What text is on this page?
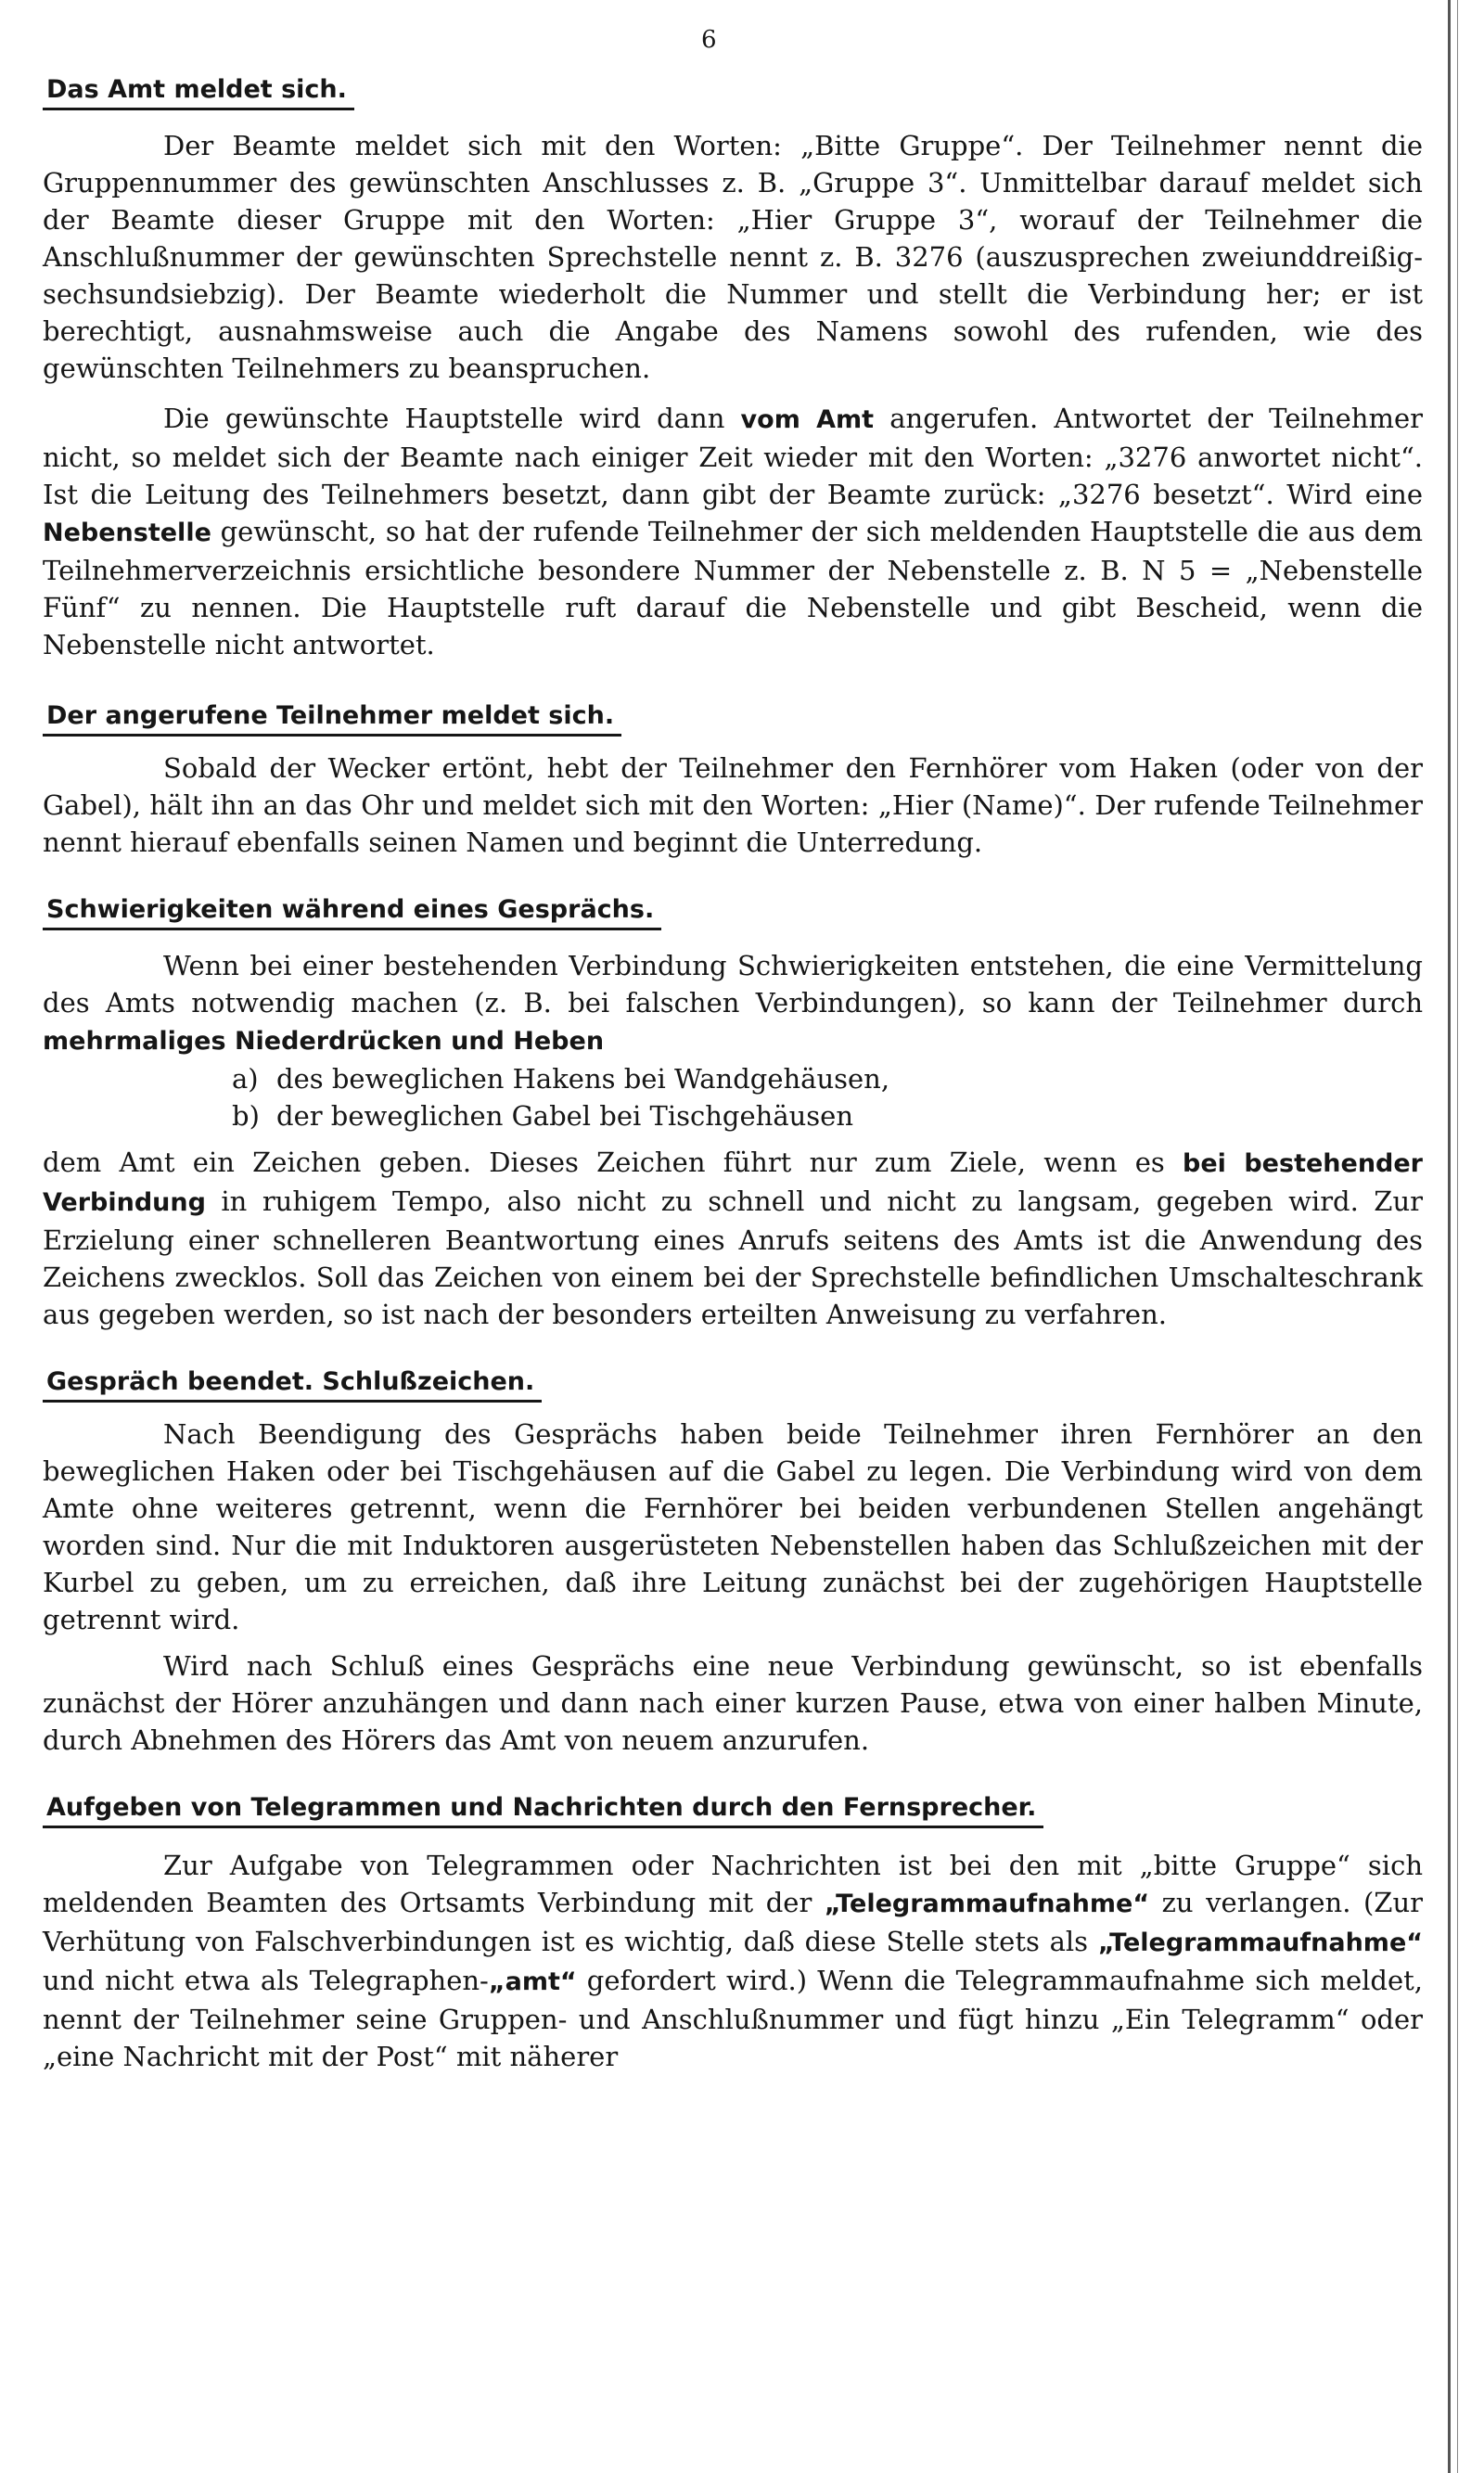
6
Das Amt meldet sich.

Der Beamte meldet sich mit den Worten: „Bitte Gruppe“. Der Teilnehmer nennt die Gruppennummer des gewünschten Anschlusses z. B. „Gruppe 3“. Unmittelbar darauf meldet sich der Beamte dieser Gruppe mit den Worten: „Hier Gruppe 3“, worauf der Teilnehmer die Anschlußnummer der gewünschten Sprechstelle nennt z. B. 3276 (auszusprechen zweiunddreißig-sechsundsiebzig). Der Beamte wiederholt die Nummer und stellt die Verbindung her; er ist berechtigt, ausnahmsweise auch die Angabe des Namens sowohl des rufenden, wie des gewünschten Teilnehmers zu beanspruchen.

Die gewünschte Hauptstelle wird dann vom Amt angerufen. Antwortet der Teilnehmer nicht, so meldet sich der Beamte nach einiger Zeit wieder mit den Worten: „3276 anwortet nicht“. Ist die Leitung des Teilnehmers besetzt, dann gibt der Beamte zurück: „3276 besetzt“. Wird eine Nebenstelle gewünscht, so hat der rufende Teilnehmer der sich meldenden Hauptstelle die aus dem Teilnehmerverzeichnis ersichtliche besondere Nummer der Nebenstelle z. B. N 5 = „Nebenstelle Fünf“ zu nennen. Die Hauptstelle ruft darauf die Nebenstelle und gibt Bescheid, wenn die Nebenstelle nicht antwortet.

Der angerufene Teilnehmer meldet sich.

Sobald der Wecker ertönt, hebt der Teilnehmer den Fernhörer vom Haken (oder von der Gabel), hält ihn an das Ohr und meldet sich mit den Worten: „Hier (Name)“. Der rufende Teilnehmer nennt hierauf ebenfalls seinen Namen und beginnt die Unterredung.

Schwierigkeiten während eines Gesprächs.

Wenn bei einer bestehenden Verbindung Schwierigkeiten entstehen, die eine Vermittelung des Amts notwendig machen (z. B. bei falschen Verbindungen), so kann der Teilnehmer durch mehrmaliges Niederdrücken und Heben

a) des beweglichen Hakens bei Wandgehäusen,
b) der beweglichen Gabel bei Tischgehäusen

dem Amt ein Zeichen geben. Dieses Zeichen führt nur zum Ziele, wenn es bei bestehender Verbindung in ruhigem Tempo, also nicht zu schnell und nicht zu langsam, gegeben wird. Zur Erzielung einer schnelleren Beantwortung eines Anrufs seitens des Amts ist die Anwendung des Zeichens zwecklos. Soll das Zeichen von einem bei der Sprechstelle befindlichen Umschalteschrank aus gegeben werden, so ist nach der besonders erteilten Anweisung zu verfahren.

Gespräch beendet. Schlußzeichen.

Nach Beendigung des Gesprächs haben beide Teilnehmer ihren Fernhörer an den beweglichen Haken oder bei Tischgehäusen auf die Gabel zu legen. Die Verbindung wird von dem Amte ohne weiteres getrennt, wenn die Fernhörer bei beiden verbundenen Stellen angehängt worden sind. Nur die mit Induktoren ausgerüsteten Nebenstellen haben das Schlußzeichen mit der Kurbel zu geben, um zu erreichen, daß ihre Leitung zunächst bei der zugehörigen Hauptstelle getrennt wird.

Wird nach Schluß eines Gesprächs eine neue Verbindung gewünscht, so ist ebenfalls zunächst der Hörer anzuhängen und dann nach einer kurzen Pause, etwa von einer halben Minute, durch Abnehmen des Hörers das Amt von neuem anzurufen.

Aufgeben von Telegrammen und Nachrichten durch den Fernsprecher.

Zur Aufgabe von Telegrammen oder Nachrichten ist bei den mit „bitte Gruppe“ sich meldenden Beamten des Ortsamts Verbindung mit der „Telegrammaufnahme“ zu verlangen. (Zur Verhütung von Falschverbindungen ist es wichtig, daß diese Stelle stets als „Telegrammaufnahme“ und nicht etwa als Telegraphen-„amt“ gefordert wird.) Wenn die Telegrammaufnahme sich meldet, nennt der Teilnehmer seine Gruppen- und Anschlußnummer und fügt hinzu „Ein Telegramm“ oder „eine Nachricht mit der Post“ mit näherer
